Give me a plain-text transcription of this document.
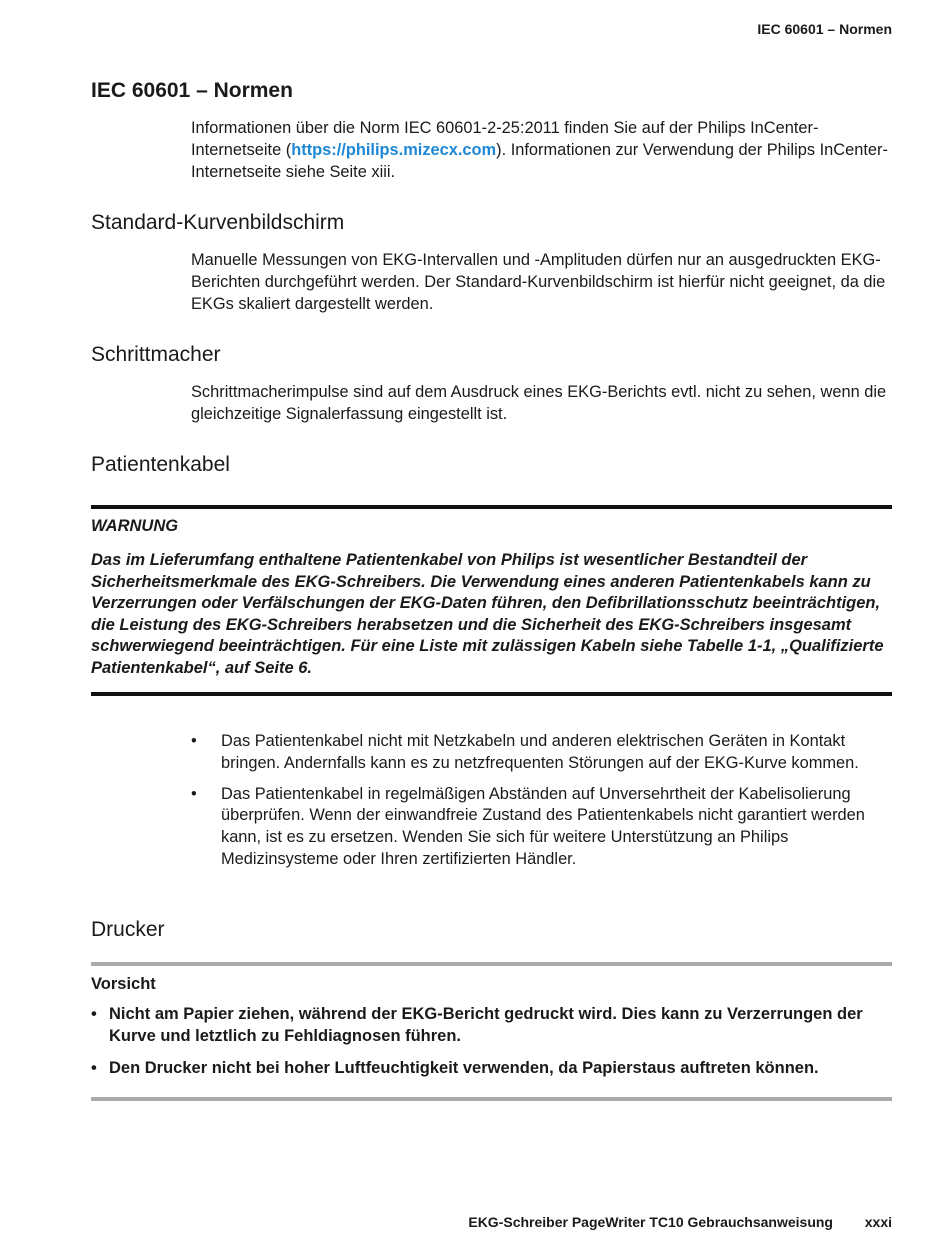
IEC 60601 – Normen
IEC 60601 – Normen

Informationen über die Norm IEC 60601-2-25:2011 finden Sie auf der Philips InCenter-Internetseite (https://philips.mizecx.com). Informationen zur Verwendung der Philips InCenter-Internetseite siehe Seite xiii.

Standard-Kurvenbildschirm

Manuelle Messungen von EKG-Intervallen und -Amplituden dürfen nur an ausgedruckten EKG-Berichten durchgeführt werden. Der Standard-Kurvenbildschirm ist hierfür nicht geeignet, da die EKGs skaliert dargestellt werden.

Schrittmacher

Schrittmacherimpulse sind auf dem Ausdruck eines EKG-Berichts evtl. nicht zu sehen, wenn die gleichzeitige Signalerfassung eingestellt ist.

Patientenkabel
WARNUNG

Das im Lieferumfang enthaltene Patientenkabel von Philips ist wesentlicher Bestandteil der Sicherheitsmerkmale des EKG-Schreibers. Die Verwendung eines anderen Patientenkabels kann zu Verzerrungen oder Verfälschungen der EKG-Daten führen, den Defibrillationsschutz beeinträchtigen, die Leistung des EKG-Schreibers herabsetzen und die Sicherheit des EKG-Schreibers insgesamt schwerwiegend beeinträchtigen. Für eine Liste mit zulässigen Kabeln siehe Tabelle 1-1, „Qualifizierte Patientenkabel“, auf Seite 6.

• Das Patientenkabel nicht mit Netzkabeln und anderen elektrischen Geräten in Kontakt bringen. Andernfalls kann es zu netzfrequenten Störungen auf der EKG-Kurve kommen.
• Das Patientenkabel in regelmäßigen Abständen auf Unversehrtheit der Kabelisolierung überprüfen. Wenn der einwandfreie Zustand des Patientenkabels nicht garantiert werden kann, ist es zu ersetzen. Wenden Sie sich für weitere Unterstützung an Philips Medizinsysteme oder Ihren zertifizierten Händler.
Drucker
Vorsicht
• Nicht am Papier ziehen, während der EKG-Bericht gedruckt wird. Dies kann zu Verzerrungen der Kurve und letztlich zu Fehldiagnosen führen.
• Den Drucker nicht bei hoher Luftfeuchtigkeit verwenden, da Papierstaus auftreten können.
EKG-Schreiber PageWriter TC10 Gebrauchsanweisung xxxi
